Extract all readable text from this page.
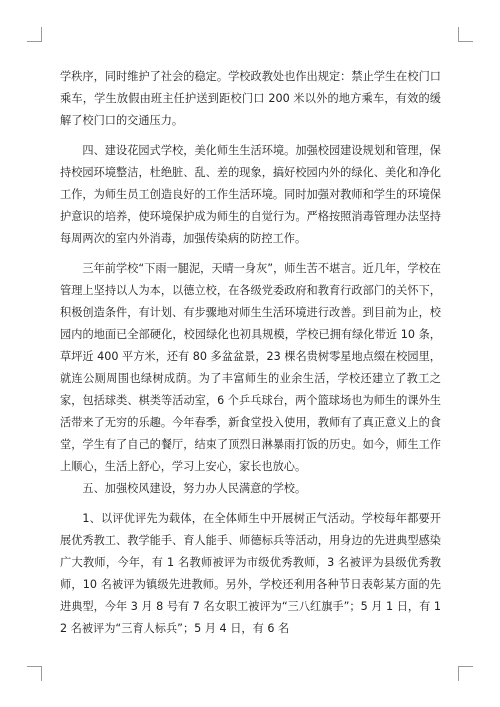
学秩序，同时维护了社会的稳定。学校政教处也作出规定：禁止学生在校门口乘车，学生放假由班主任护送到距校门口 200 米以外的地方乘车，有效的缓解了校门口的交通压力。

四、建设花园式学校，美化师生生活环境。加强校园建设规划和管理，保持校园环境整洁，杜绝脏、乱、差的现象，搞好校园内外的绿化、美化和净化工作，为师生员工创造良好的工作生活环境。同时加强对教师和学生的环境保护意识的培养，使环境保护成为师生的自觉行为。严格按照消毒管理办法坚持每周两次的室内外消毒，加强传染病的防控工作。

三年前学校“下雨一腿泥，天晴一身灰”，师生苦不堪言。近几年，学校在管理上坚持以人为本，以德立校，在各级党委政府和教育行政部门的关怀下，积极创造条件，有计划、有步骤地对师生生活环境进行改善。到目前为止，校园内的地面已全部硬化，校园绿化也初具规模，学校已拥有绿化带近 10 条，草坪近 400 平方米，还有 80 多盆盆景，23 棵名贵树零星地点缀在校园里，就连公厕周围也绿树成荫。为了丰富师生的业余生活，学校还建立了教工之家，包括球类、棋类等活动室，6 个乒乓球台，两个篮球场也为师生的课外生活带来了无穷的乐趣。今年春季，新食堂投入使用，教师有了真正意义上的食堂，学生有了自己的餐厅，结束了顶烈日淋暴雨打饭的历史。如今，师生工作上顺心，生活上舒心，学习上安心，家长也放心。

五、加强校风建设，努力办人民满意的学校。

1、以评优评先为载体，在全体师生中开展树正气活动。学校每年都要开展优秀教工、教学能手、育人能手、师德标兵等活动，用身边的先进典型感染广大教师，今年，有 1 名教师被评为市级优秀教师，3 名被评为县级优秀教师，10 名被评为镇级先进教师。另外，学校还利用各种节日表彰某方面的先进典型，今年 3 月 8 号有 7 名女职工被评为“三八红旗手”；5 月 1 日，有 12 名被评为“三育人标兵”；5 月 4 日，有 6 名
